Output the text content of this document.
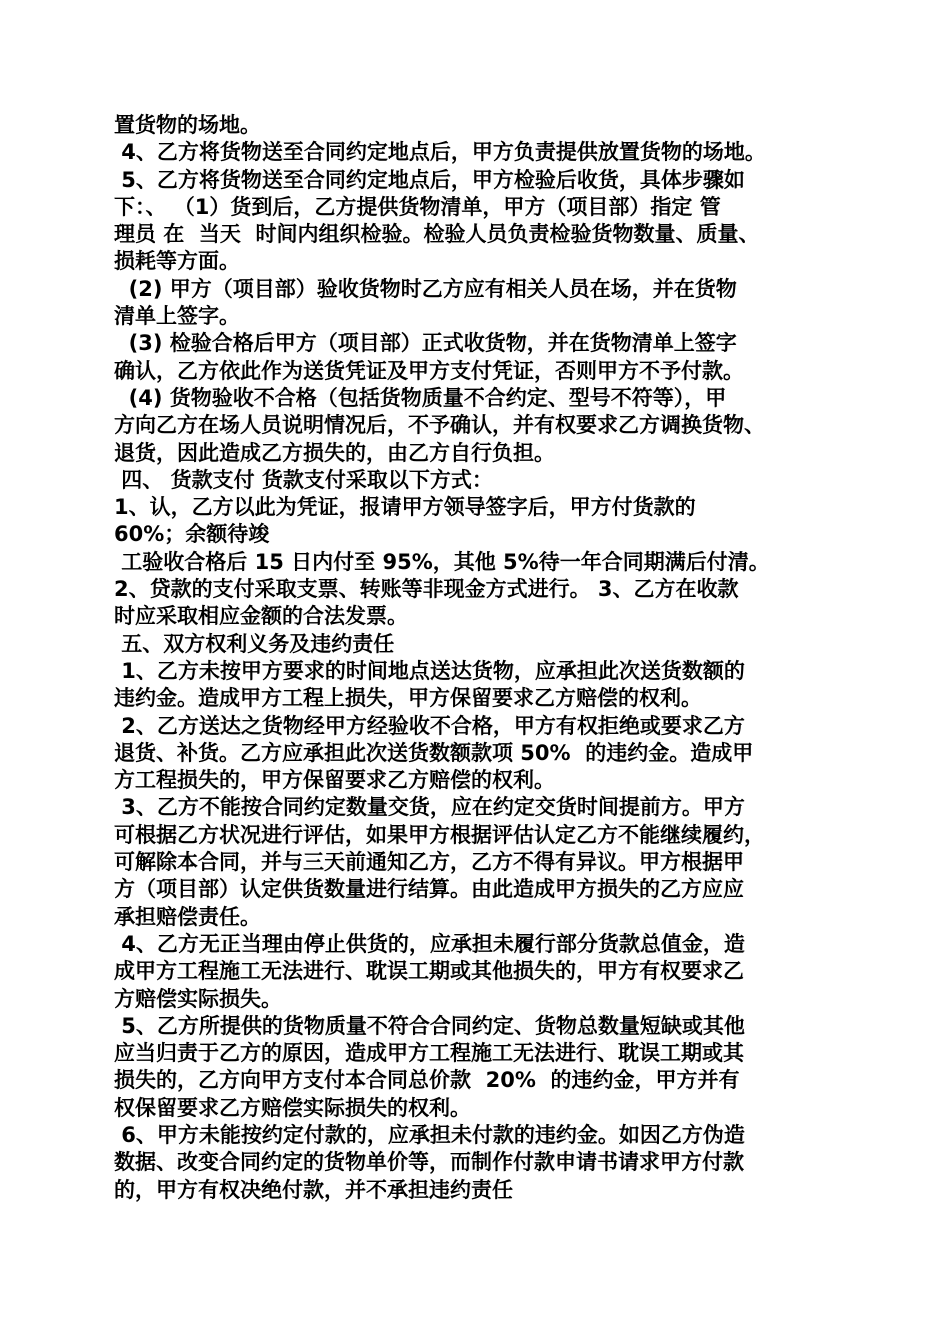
置货物的场地。
4、乙方将货物送至合同约定地点后，甲方负责提供放置货物的场地。
5、乙方将货物送至合同约定地点后，甲方检验后收货，具体步骤如
下：、 （1）货到后，乙方提供货物清单，甲方（项目部）指定 管
理员 在  当天  时间内组织检验。检验人员负责检验货物数量、质量、
损耗等方面。
(2) 甲方（项目部）验收货物时乙方应有相关人员在场，并在货物
清单上签字。
(3) 检验合格后甲方（项目部）正式收货物，并在货物清单上签字
确认，乙方依此作为送货凭证及甲方支付凭证，否则甲方不予付款。
(4) 货物验收不合格（包括货物质量不合约定、型号不符等），甲
方向乙方在场人员说明情况后，不予确认，并有权要求乙方调换货物、
退货，因此造成乙方损失的，由乙方自行负担。
四、 货款支付 货款支付采取以下方式：
1、认，乙方以此为凭证，报请甲方领导签字后，甲方付货款的
60%；余额待竣
工验收合格后 15 日内付至 95%，其他 5%待一年合同期满后付清。
2、贷款的支付采取支票、转账等非现金方式进行。 3、乙方在收款
时应采取相应金额的合法发票。
五、双方权利义务及违约责任
1、乙方未按甲方要求的时间地点送达货物，应承担此次送货数额的
违约金。造成甲方工程上损失，甲方保留要求乙方赔偿的权利。
2、乙方送达之货物经甲方经验收不合格，甲方有权拒绝或要求乙方
退货、补货。乙方应承担此次送货数额款项 50%  的违约金。造成甲
方工程损失的，甲方保留要求乙方赔偿的权利。
3、乙方不能按合同约定数量交货，应在约定交货时间提前方。甲方
可根据乙方状况进行评估，如果甲方根据评估认定乙方不能继续履约，
可解除本合同，并与三天前通知乙方，乙方不得有异议。甲方根据甲
方（项目部）认定供货数量进行结算。由此造成甲方损失的乙方应应
承担赔偿责任。
4、乙方无正当理由停止供货的，应承担未履行部分货款总值金，造
成甲方工程施工无法进行、耽误工期或其他损失的，甲方有权要求乙
方赔偿实际损失。
5、乙方所提供的货物质量不符合合同约定、货物总数量短缺或其他
应当归责于乙方的原因，造成甲方工程施工无法进行、耽误工期或其
损失的，乙方向甲方支付本合同总价款  20%  的违约金，甲方并有
权保留要求乙方赔偿实际损失的权利。
6、甲方未能按约定付款的，应承担未付款的违约金。如因乙方伪造
数据、改变合同约定的货物单价等，而制作付款申请书请求甲方付款
的，甲方有权决绝付款，并不承担违约责任
